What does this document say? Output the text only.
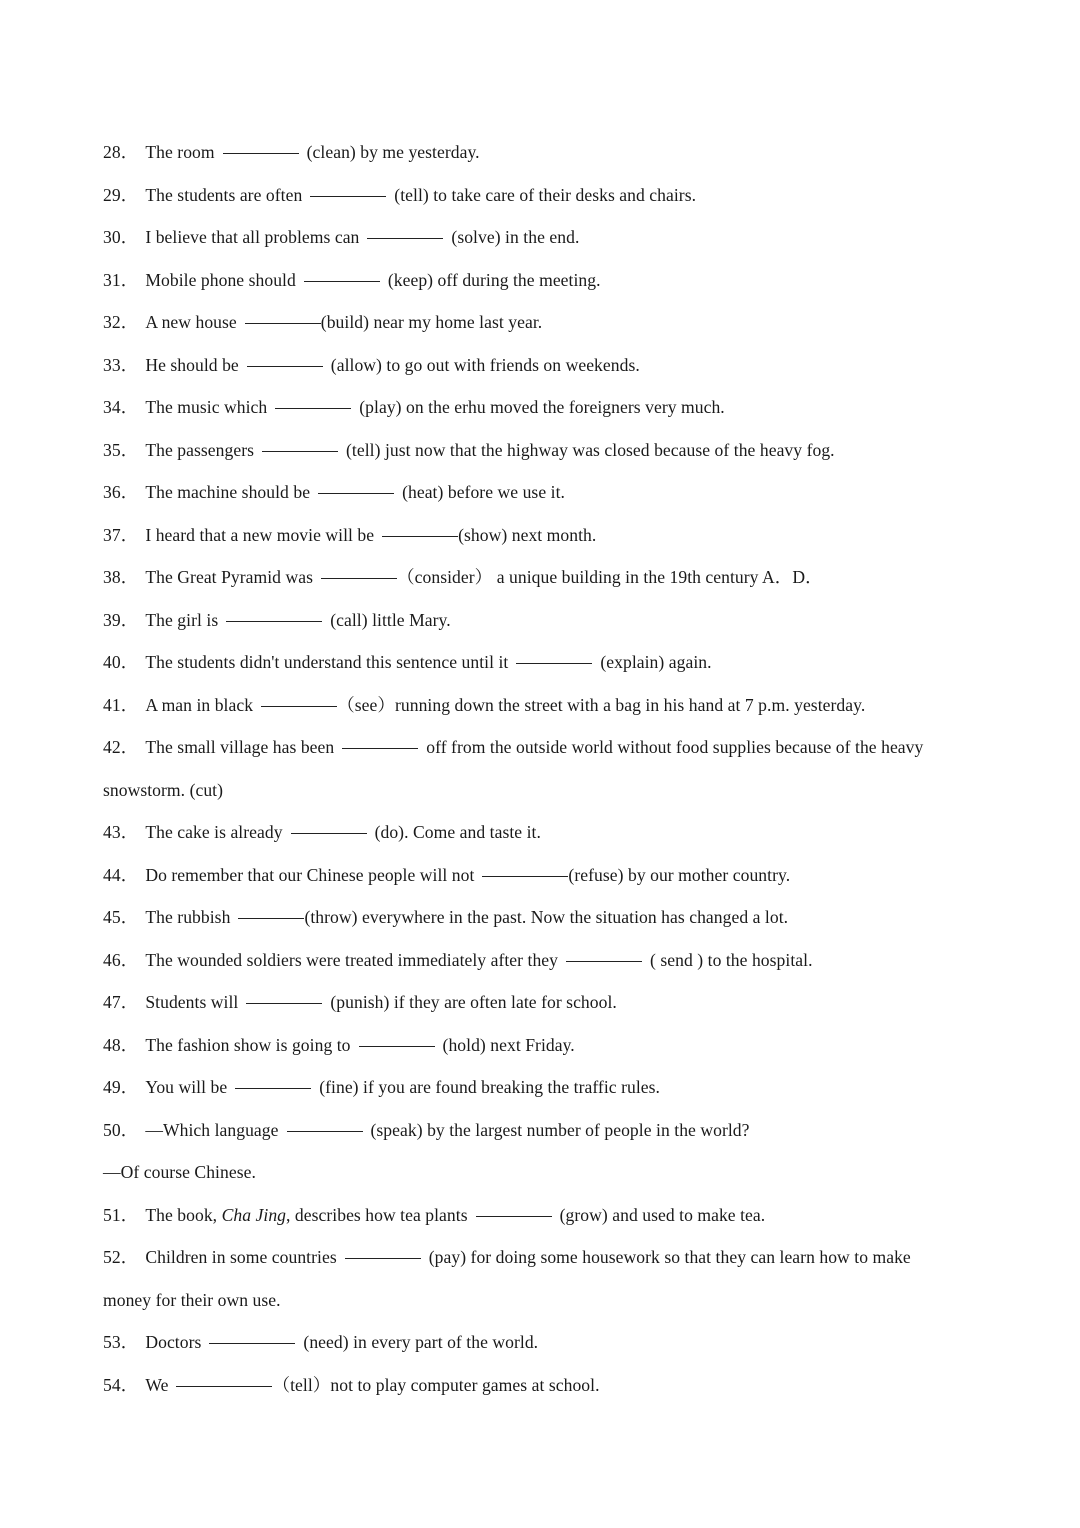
28． The room	(clean) by me yesterday.
29． The students are often	(tell) to take care of their desks and chairs.
30． I believe that all problems can	(solve) in the end.
31． Mobile phone should	(keep) off during the meeting.
32． A new house	(build) near my home last year.
33． He should be	(allow) to go out with friends on weekends.
34． The music which	(play) on the erhu moved the foreigners very much.
35． The passengers	(tell) just now that the highway was closed because of the heavy fog.
36． The machine should be	(heat) before we use it.
37． I heard that a new movie will be	(show) next month.
38． The Great Pyramid was	（consider） a unique building in the 19th century A．D．
39． The girl is	(call) little Mary.
40． The students didn't understand this sentence until it	(explain) again.
41． A man in black	（see）running down the street with a bag in his hand at 7 p.m. yesterday.
42． The small village has been	off from the outside world without food supplies because of the heavy
snowstorm. (cut)
43． The cake is already	(do). Come and taste it.
44． Do remember that our Chinese people will not	(refuse) by our mother country.
45． The rubbish	(throw) everywhere in the past. Now the situation has changed a lot.
46． The wounded soldiers were treated immediately after they	( send ) to the hospital.
47． Students will	(punish) if they are often late for school.
48． The fashion show is going to	(hold) next Friday.
49． You will be	(fine) if you are found breaking the traffic rules.
50． —Which language	(speak) by the largest number of people in the world?
—Of course Chinese.
51． The book, Cha Jing, describes how tea plants	(grow) and used to make tea.
52． Children in some countries	(pay) for doing some housework so that they can learn how to make
money for their own use.
53． Doctors	(need) in every part of the world.
54． We	（tell）not to play computer games at school.
